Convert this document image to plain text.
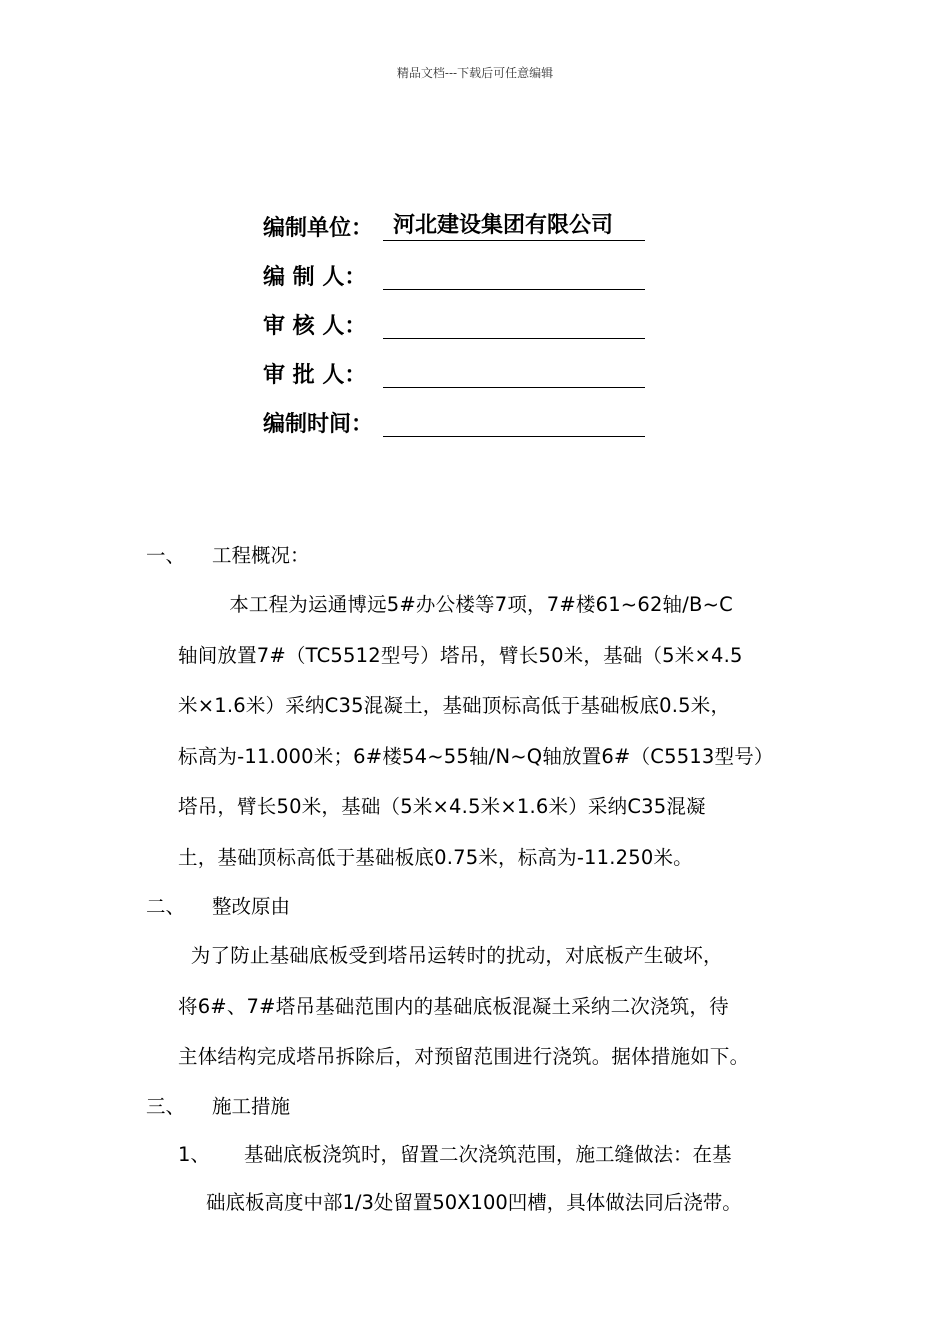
精品文档---下载后可任意编辑
编制单位： 河北建设集团有限公司
编 制 人：
审 核 人：
审 批 人：
编制时间：
一、	工程概况：
本工程为运通博远5#办公楼等7项，7#楼61~62轴/B~C
轴间放置7#（TC5512型号）塔吊，臂长50米，基础（5米×4.5
米×1.6米）采纳C35混凝土，基础顶标高低于基础板底0.5米，
标高为-11.000米；6#楼54~55轴/N~Q轴放置6#（C5513型号）
塔吊，臂长50米，基础（5米×4.5米×1.6米）采纳C35混凝
土，基础顶标高低于基础板底0.75米，标高为-11.250米。
二、	整改原由
为了防止基础底板受到塔吊运转时的扰动，对底板产生破坏，
将6#、7#塔吊基础范围内的基础底板混凝土采纳二次浇筑，待
主体结构完成塔吊拆除后，对预留范围进行浇筑。据体措施如下。
三、	施工措施
1、 基础底板浇筑时，留置二次浇筑范围，施工缝做法：在基
础底板高度中部1/3处留置50X100凹槽，具体做法同后浇带。
